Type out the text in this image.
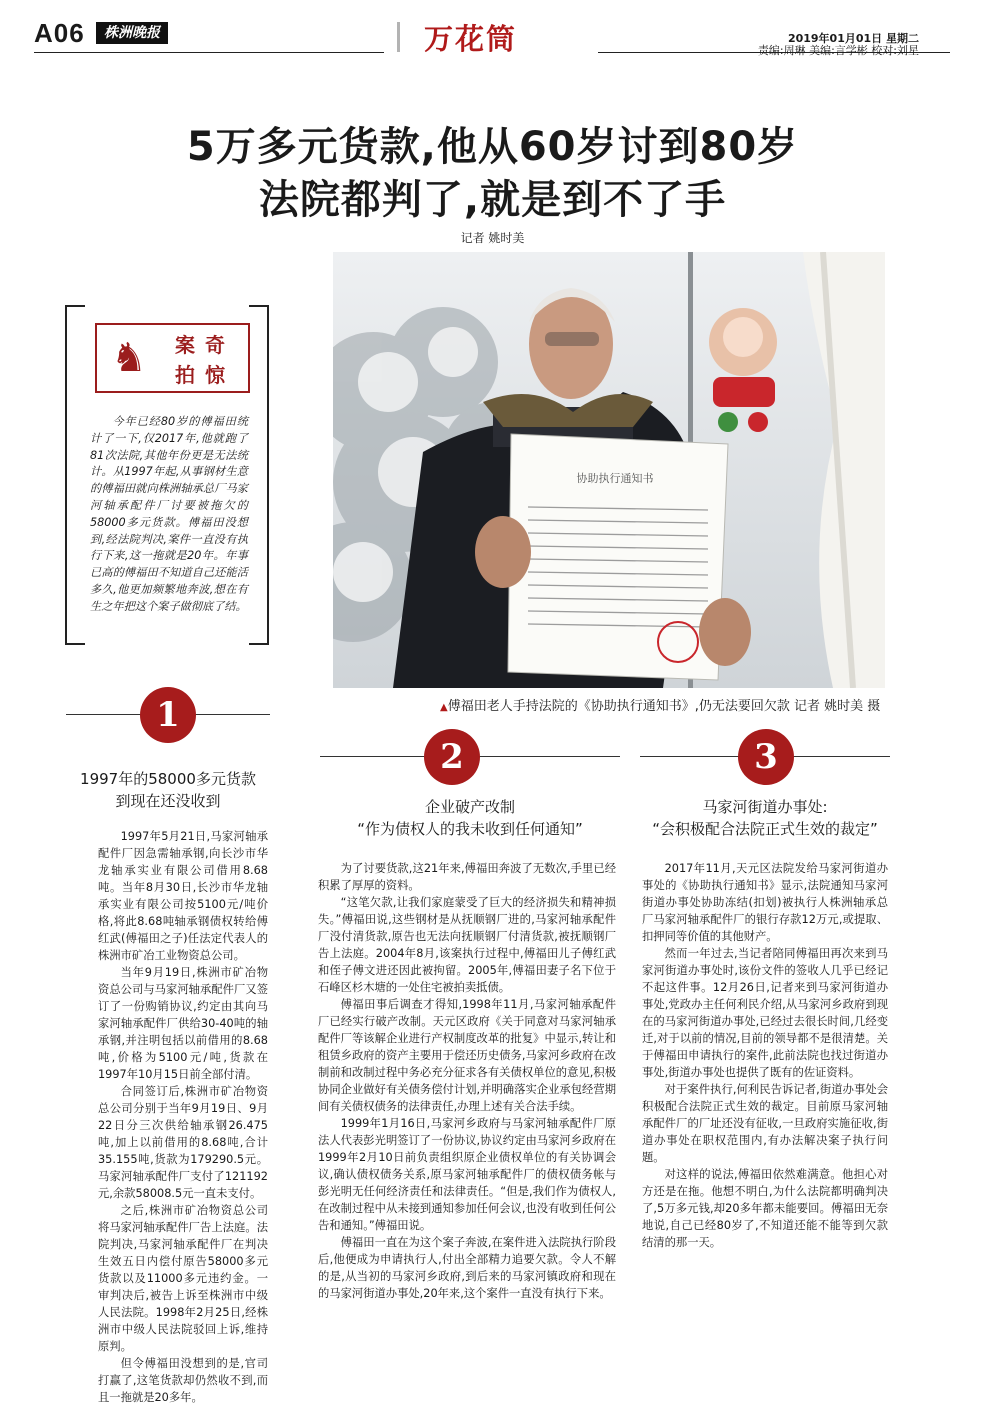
A06	株洲晚报	万花筒	2019年01月01日 星期二
责编:周琳 美编:言学彬 校对:刘星
5万多元货款,他从60岁讨到80岁
法院都判了,就是到不了手
记者 姚时美
协助执行通知书
▲傅福田老人手持法院的《协助执行通知书》,仍无法要回欠款 记者 姚时美 摄
♞ 拍
案 奇
惊
今年已经80岁的傅福田统计了一下,仅2017年,他就跑了81次法院,其他年份更是无法统计。从1997年起,从事钢材生意的傅福田就向株洲轴承总厂马家河轴承配件厂讨要被拖欠的58000多元货款。傅福田没想到,经法院判决,案件一直没有执行下来,这一拖就是20年。年事已高的傅福田不知道自己还能活多久,他更加频繁地奔波,想在有生之年把这个案子做彻底了结。
1
1997年的58000多元货款
到现在还没收到
2
企业破产改制
“作为债权人的我未收到任何通知”
3
马家河街道办事处:
“会积极配合法院正式生效的裁定”

1997年5月21日,马家河轴承配件厂因急需轴承钢,向长沙市华龙轴承实业有限公司借用8.68吨。当年8月30日,长沙市华龙轴承实业有限公司按5100元/吨价格,将此8.68吨轴承钢债权转给傅红武(傅福田之子)任法定代表人的株洲市矿冶工业物资总公司。

当年9月19日,株洲市矿冶物资总公司与马家河轴承配件厂又签订了一份购销协议,约定由其向马家河轴承配件厂供给30-40吨的轴承钢,并注明包括以前借用的8.68吨,价格为5100元/吨,货款在1997年10月15日前全部付清。

合同签订后,株洲市矿冶物资总公司分别于当年9月19日、9月22日分三次供给轴承钢26.475吨,加上以前借用的8.68吨,合计35.155吨,货款为179290.5元。马家河轴承配件厂支付了121192元,余款58008.5元一直未支付。

之后,株洲市矿冶物资总公司将马家河轴承配件厂告上法庭。法院判决,马家河轴承配件厂在判决生效五日内偿付原告58000多元货款以及11000多元违约金。一审判决后,被告上诉至株洲市中级人民法院。1998年2月25日,经株洲市中级人民法院驳回上诉,维持原判。

但令傅福田没想到的是,官司打赢了,这笔货款却仍然收不到,而且一拖就是20多年。

为了讨要货款,这21年来,傅福田奔波了无数次,手里已经积累了厚厚的资料。

“这笔欠款,让我们家庭蒙受了巨大的经济损失和精神损失。”傅福田说,这些钢材是从抚顺钢厂进的,马家河轴承配件厂没付清货款,原告也无法向抚顺钢厂付清货款,被抚顺钢厂告上法庭。2004年8月,该案执行过程中,傅福田儿子傅红武和侄子傅文进还因此被拘留。2005年,傅福田妻子名下位于石峰区杉木塘的一处住宅被拍卖抵债。

傅福田事后调查才得知,1998年11月,马家河轴承配件厂已经实行破产改制。天元区政府《关于同意对马家河轴承配件厂等该解企业进行产权制度改革的批复》中显示,转让和租赁乡政府的资产主要用于偿还历史债务,马家河乡政府在改制前和改制过程中务必充分征求各有关债权单位的意见,积极协同企业做好有关债务偿付计划,并明确落实企业承包经营期间有关债权债务的法律责任,办理上述有关合法手续。

1999年1月16日,马家河乡政府与马家河轴承配件厂原法人代表彭光明签订了一份协议,协议约定由马家河乡政府在1999年2月10日前负责组织原企业债权单位的有关协调会议,确认债权债务关系,原马家河轴承配件厂的债权债务帐与彭光明无任何经济责任和法律责任。“但是,我们作为债权人,在改制过程中从未接到通知参加任何会议,也没有收到任何公告和通知。”傅福田说。

傅福田一直在为这个案子奔波,在案件进入法院执行阶段后,他便成为申请执行人,付出全部精力追要欠款。令人不解的是,从当初的马家河乡政府,到后来的马家河镇政府和现在的马家河街道办事处,20年来,这个案件一直没有执行下来。

2017年11月,天元区法院发给马家河街道办事处的《协助执行通知书》显示,法院通知马家河街道办事处协助冻结(扣划)被执行人株洲轴承总厂马家河轴承配件厂的银行存款12万元,或提取、扣押同等价值的其他财产。

然而一年过去,当记者陪同傅福田再次来到马家河街道办事处时,该份文件的签收人几乎已经记不起这件事。12月26日,记者来到马家河街道办事处,党政办主任何利民介绍,从马家河乡政府到现在的马家河街道办事处,已经过去很长时间,几经变迁,对于以前的情况,目前的领导都不是很清楚。关于傅福田申请执行的案件,此前法院也找过街道办事处,街道办事处也提供了既有的佐证资料。

对于案件执行,何利民告诉记者,街道办事处会积极配合法院正式生效的裁定。目前原马家河轴承配件厂的厂址还没有征收,一旦政府实施征收,街道办事处在职权范围内,有办法解决案子执行问题。

对这样的说法,傅福田依然难满意。他担心对方还是在拖。他想不明白,为什么法院都明确判决了,5万多元钱,却20多年都未能要回。傅福田无奈地说,自己已经80岁了,不知道还能不能等到欠款结清的那一天。
